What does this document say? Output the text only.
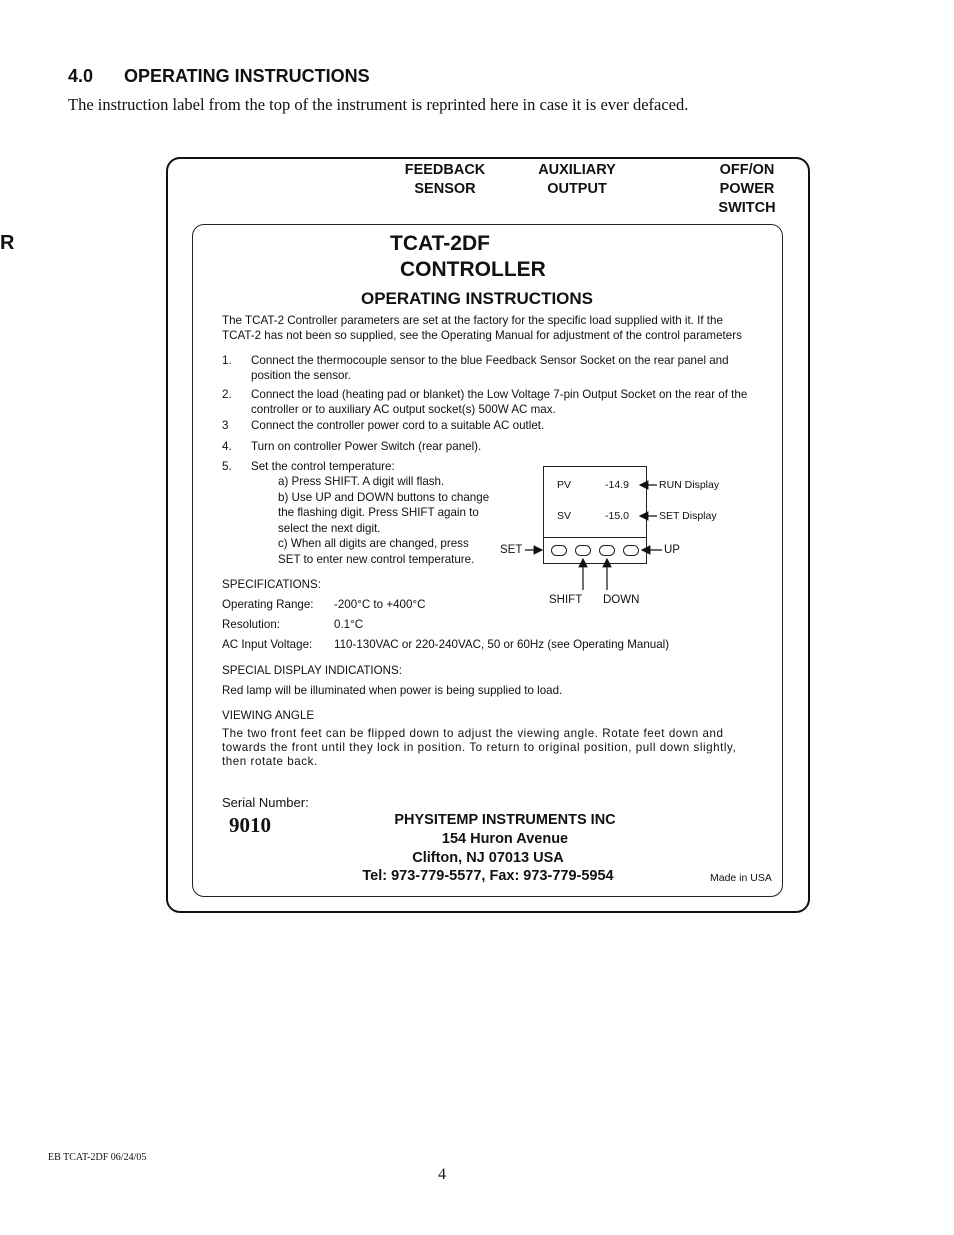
4.0 OPERATING INSTRUCTIONS
The instruction label from the top of the instrument is reprinted here in case it is ever defaced.
R
FEEDBACK
SENSOR
AUXILIARY
OUTPUT
OFF/ON
POWER
SWITCH
TCAT-2DF
CONTROLLER
OPERATING INSTRUCTIONS
The TCAT-2 Controller parameters are set at the factory for the specific load supplied with it. If the
TCAT-2 has not been so supplied, see the Operating Manual for adjustment of the control parameters
1.	Connect the thermocouple sensor to the blue Feedback Sensor Socket on the rear panel and
position the sensor.
2.	Connect the load (heating pad or blanket) the Low Voltage 7-pin Output Socket on the rear of the
controller or to auxiliary AC output socket(s) 500W AC max.
3	Connect the controller power cord to a suitable AC outlet.
4.	Turn on controller Power Switch (rear panel).
5.	Set the control temperature:
a) Press SHIFT. A digit will flash.
b) Use UP and DOWN buttons to change
the flashing digit. Press SHIFT again to
select the next digit.
c) When all digits are changed, press
SET to enter new control temperature.
PV	-14.9
SV	-15.0
RUN Display
SET Display
SET	UP
SHIFT DOWN
SPECIFICATIONS:
Operating Range: -200°C to +400°C
Resolution:	0.1°C
AC Input Voltage: 110-130VAC or 220-240VAC, 50 or 60Hz (see Operating Manual)
SPECIAL DISPLAY INDICATIONS:
Red lamp will be illuminated when power is being supplied to load.
VIEWING ANGLE
The two front feet can be flipped down to adjust the viewing angle. Rotate feet down and
towards the front until they lock in position. To return to original position, pull down slightly,
then rotate back.
Serial Number:
9010	PHYSITEMP INSTRUMENTS INC
154 Huron Avenue
Clifton, NJ 07013 USA
Tel: 973-779-5577, Fax: 973-779-5954	Made in USA
EB TCAT-2DF 06/24/05
4
